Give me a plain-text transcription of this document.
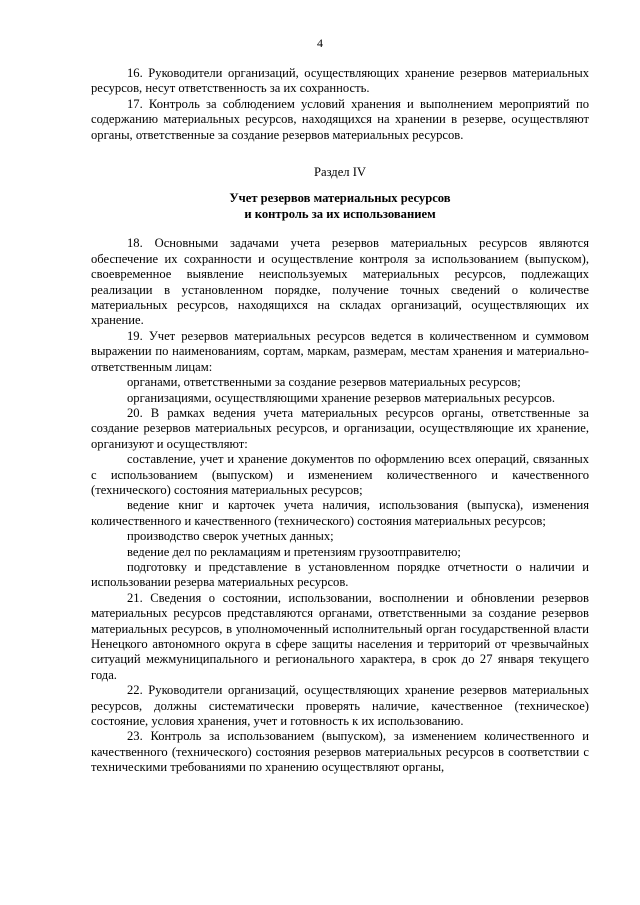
4

16. Руководители организаций, осуществляющих хранение резервов материальных ресурсов, несут ответственность за их сохранность.

17. Контроль за соблюдением условий хранения и выполнением мероприятий по содержанию материальных ресурсов, находящихся на хранении в резерве, осуществляют органы, ответственные за создание резервов материальных ресурсов.

Раздел IV
Учет резервов материальных ресурсов
и контроль за их использованием

18. Основными задачами учета резервов материальных ресурсов являются обеспечение их сохранности и осуществление контроля за использованием (выпуском), своевременное выявление неиспользуемых материальных ресурсов, подлежащих реализации в установленном порядке, получение точных сведений о количестве материальных ресурсов, находящихся на складах организаций, осуществляющих их хранение.

19. Учет резервов материальных ресурсов ведется в количественном и суммовом выражении по наименованиям, сортам, маркам, размерам, местам хранения и материально-ответственным лицам:

органами, ответственными за создание резервов материальных ресурсов;

организациями, осуществляющими хранение резервов материальных ресурсов.

20. В рамках ведения учета материальных ресурсов органы, ответственные за создание резервов материальных ресурсов, и организации, осуществляющие их хранение, организуют и осуществляют:

составление, учет и хранение документов по оформлению всех операций, связанных с использованием (выпуском) и изменением количественного и качественного (технического) состояния материальных ресурсов;

ведение книг и карточек учета наличия, использования (выпуска), изменения количественного и качественного (технического) состояния материальных ресурсов;

производство сверок учетных данных;

ведение дел по рекламациям и претензиям грузоотправителю;

подготовку и представление в установленном порядке отчетности о наличии и использовании резерва материальных ресурсов.

21. Сведения о состоянии, использовании, восполнении и обновлении резервов материальных ресурсов представляются органами, ответственными за создание резервов материальных ресурсов, в уполномоченный исполнительный орган государственной власти Ненецкого автономного округа в сфере защиты населения и территорий от чрезвычайных ситуаций межмуниципального и регионального характера, в срок до 27 января текущего года.

22. Руководители организаций, осуществляющих хранение резервов материальных ресурсов, должны систематически проверять наличие, качественное (техническое) состояние, условия хранения, учет и готовность к их использованию.

23. Контроль за использованием (выпуском), за изменением количественного и качественного (технического) состояния резервов материальных ресурсов в соответствии с техническими требованиями по хранению осуществляют органы,
